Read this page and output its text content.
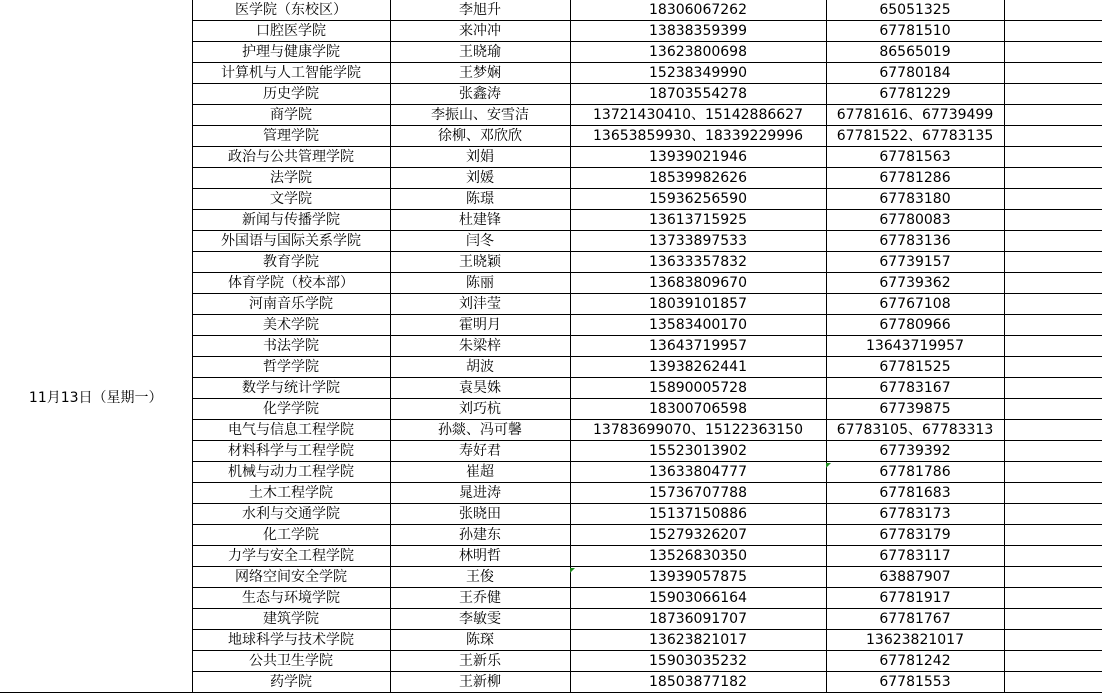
	医学院（东校区）	李旭升	18306067262	65051325	
	口腔医学院	来冲冲	13838359399	67781510	
	护理与健康学院	王晓瑜	13623800698	86565019	
	计算机与人工智能学院	王梦娴	15238349990	67780184	
	历史学院	张鑫涛	18703554278	67781229	
11月13日（星期一）	商学院	李振山、安雪洁	13721430410、15142886627	67781616、67739499	
	管理学院	徐柳、邓欣欣	13653859930、18339229996	67781522、67783135	
	政治与公共管理学院	刘娟	13939021946	67781563	
	法学院	刘媛	18539982626	67781286	
	文学院	陈璟	15936256590	67783180	
	新闻与传播学院	杜建锋	13613715925	67780083	
	外国语与国际关系学院	闫冬	13733897533	67783136	
	教育学院	王晓颖	13633357832	67739157	
	体育学院（校本部）	陈丽	13683809670	67739362	
	河南音乐学院	刘沣莹	18039101857	67767108	
	美术学院	霍明月	13583400170	67780966	
	书法学院	朱梁梓	13643719957	13643719957	
	哲学学院	胡波	13938262441	67781525	
	数学与统计学院	袁昊姝	15890005728	67783167	
	化学学院	刘巧杭	18300706598	67739875	
	电气与信息工程学院	孙燚、冯可馨	13783699070、15122363150	67783105、67783313	
	材料科学与工程学院	寿好君	15523013902	67739392	
	机械与动力工程学院	崔超	13633804777	67781786	
	土木工程学院	晁进涛	15736707788	67781683	
	水利与交通学院	张晓田	15137150886	67783173	
	化工学院	孙建东	15279326207	67783179	
	力学与安全工程学院	林明哲	13526830350	67783117	
	网络空间安全学院	王俊	13939057875	63887907	
	生态与环境学院	王乔健	15903066164	67781917	
	建筑学院	李敏雯	18736091707	67781767	
	地球科学与技术学院	陈琛	13623821017	13623821017	
	公共卫生学院	王新乐	15903035232	67781242	
	药学院	王新柳	18503877182	67781553	
